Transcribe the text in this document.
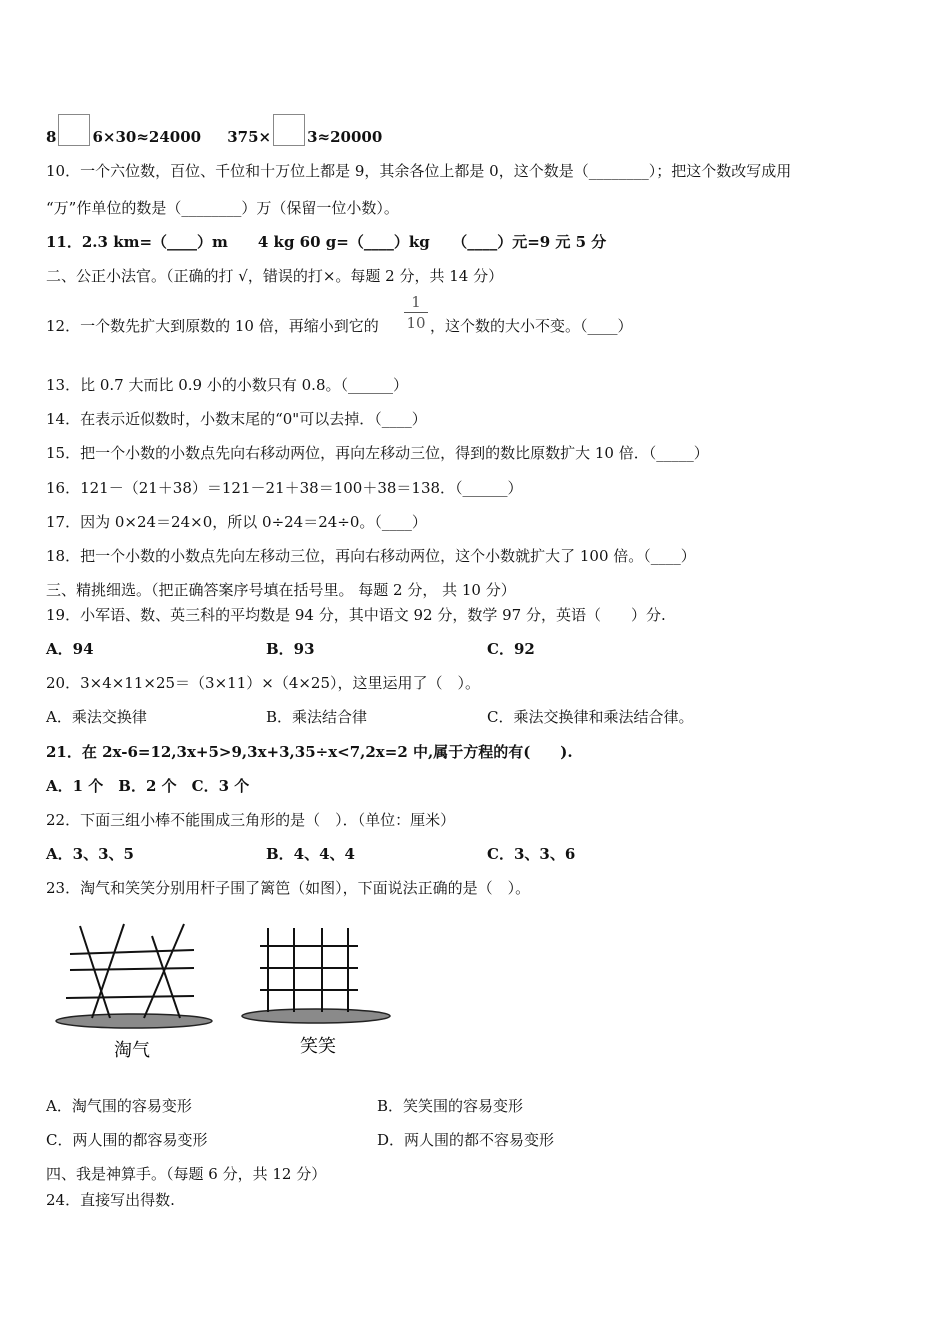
8 6×30≈24000 375× 3≈20000
10．一个六位数，百位、千位和十万位上都是 9，其余各位上都是 0，这个数是（________）；把这个数改写成用
“万”作单位的数是（________）万（保留一位小数）。
11．2.3 km=（____）m　　4 kg 60 g=（____）kg　　（____）元=9 元 5 分
二、公正小法官。（正确的打 √，错误的打×。每题 2 分，共 14 分）
12．一个数先扩大到原数的 10 倍，再缩小到它的 $\frac{1}{10}$ ，这个数的大小不变。（____）
13．比 0.7 大而比 0.9 小的小数只有 0.8。（______）
14．在表示近似数时，小数末尾的“0"可以去掉．（____）
15．把一个小数的小数点先向右移动两位，再向左移动三位，得到的数比原数扩大 10 倍．（_____）
16．121－（21＋38）＝121－21＋38＝100＋38＝138．（______）
17．因为 0×24＝24×0，所以 0÷24＝24÷0。（____）
18．把一个小数的小数点先向左移动三位，再向右移动两位，这个小数就扩大了 100 倍。（____）
三、精挑细选。（把正确答案序号填在括号里。 每题 2 分， 共 10 分）
19．小军语、数、英三科的平均数是 94 分，其中语文 92 分，数学 97 分，英语（　　）分.
A．94	B．93	C．92
20．3×4×11×25＝（3×11）×（4×25），这里运用了（　）。
A．乘法交换律	B．乘法结合律	C．乘法交换律和乘法结合律。
21．在 2x-6=12,3x+5>9,3x+3,35÷x<7,2x=2 中,属于方程的有(　　).
A．1 个　B．2 个　C．3 个
22．下面三组小棒不能围成三角形的是（　）．（单位：厘米）
A．3、3、5	B．4、4、4	C．3、3、6
23．淘气和笑笑分别用杆子围了篱笆（如图），下面说法正确的是（　）。
淘气	笑笑
A．淘气围的容易变形	B．笑笑围的容易变形
C．两人围的都容易变形	D．两人围的都不容易变形
四、我是神算手。（每题 6 分，共 12 分）
24．直接写出得数.
